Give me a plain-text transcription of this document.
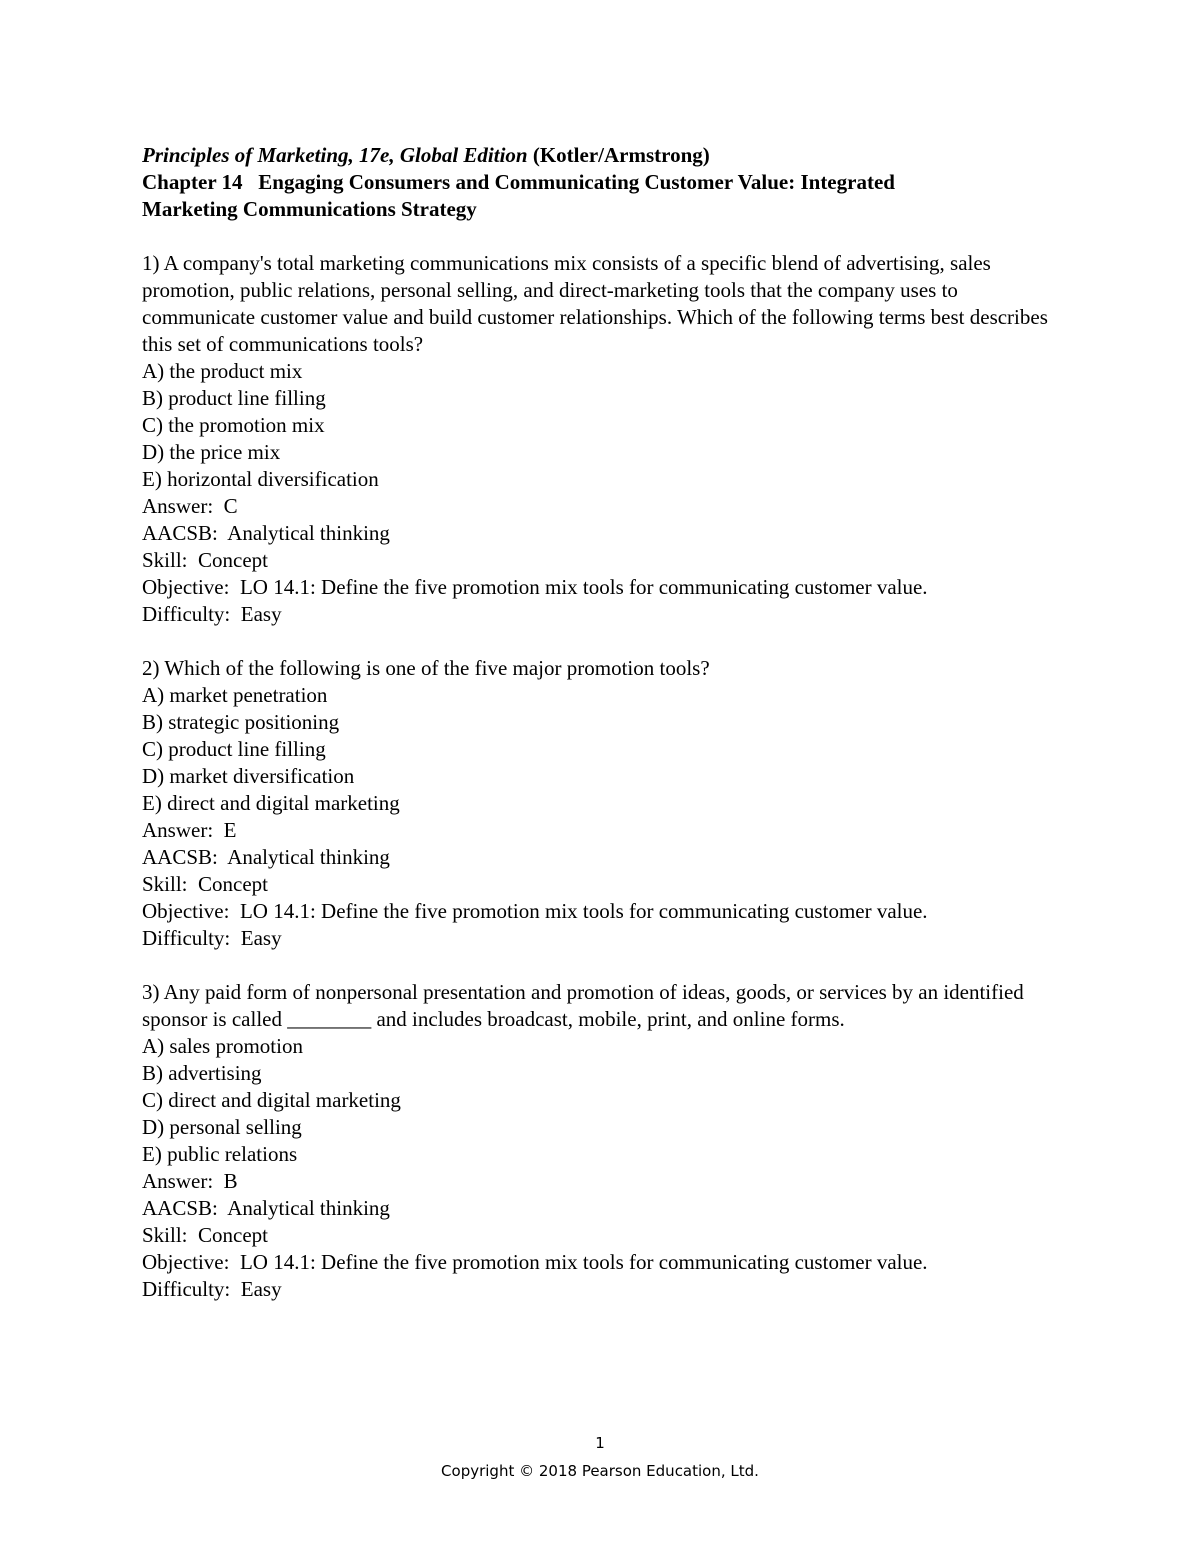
Principles of Marketing, 17e, Global Edition (Kotler/Armstrong)
Chapter 14   Engaging Consumers and Communicating Customer Value: Integrated
Marketing Communications Strategy
1) A company's total marketing communications mix consists of a specific blend of advertising, sales promotion, public relations, personal selling, and direct-marketing tools that the company uses to communicate customer value and build customer relationships. Which of the following terms best describes this set of communications tools?
A) the product mix
B) product line filling
C) the promotion mix
D) the price mix
E) horizontal diversification
Answer:  C
AACSB:  Analytical thinking
Skill:  Concept
Objective:  LO 14.1: Define the five promotion mix tools for communicating customer value.
Difficulty:  Easy
2) Which of the following is one of the five major promotion tools?
A) market penetration
B) strategic positioning
C) product line filling
D) market diversification
E) direct and digital marketing
Answer:  E
AACSB:  Analytical thinking
Skill:  Concept
Objective:  LO 14.1: Define the five promotion mix tools for communicating customer value.
Difficulty:  Easy
3) Any paid form of nonpersonal presentation and promotion of ideas, goods, or services by an identified sponsor is called ________ and includes broadcast, mobile, print, and online forms.
A) sales promotion
B) advertising
C) direct and digital marketing
D) personal selling
E) public relations
Answer:  B
AACSB:  Analytical thinking
Skill:  Concept
Objective:  LO 14.1: Define the five promotion mix tools for communicating customer value.
Difficulty:  Easy
1
Copyright © 2018 Pearson Education, Ltd.
